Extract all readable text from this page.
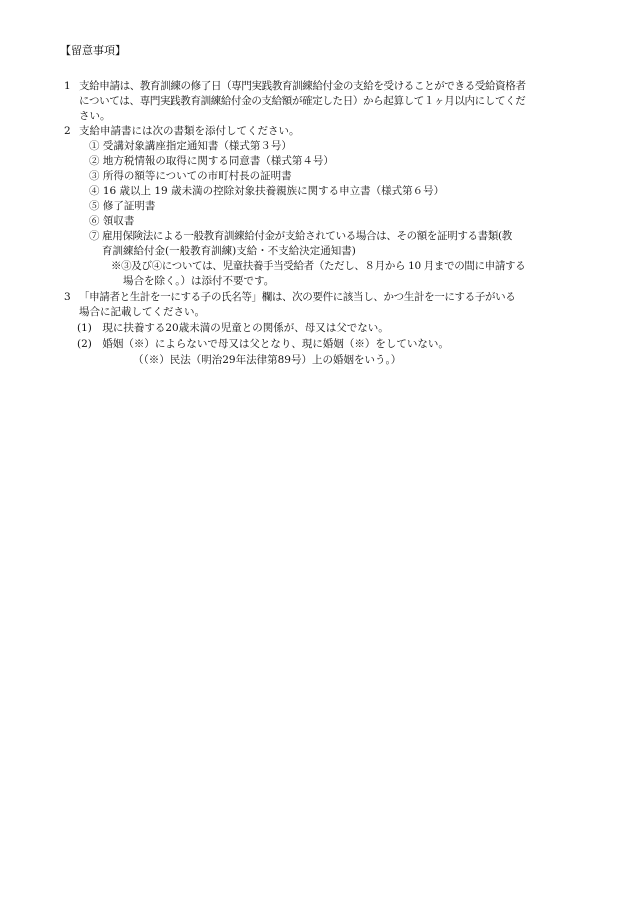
【留意事項】
1 支給申請は、教育訓練の修了日（専門実践教育訓練給付金の支給を受けることができる受給資格者
については、専門実践教育訓練給付金の支給額が確定した日）から起算して１ヶ月以内にしてくだ
さい。
2 支給申請書には次の書類を添付してください。
① 受講対象講座指定通知書（様式第３号）
② 地方税情報の取得に関する同意書（様式第４号）
③ 所得の額等についての市町村長の証明書
④ 16 歳以上 19 歳未満の控除対象扶養親族に関する申立書（様式第６号）
⑤ 修了証明書
⑥ 領収書
⑦ 雇用保険法による一般教育訓練給付金が支給されている場合は、その額を証明する書類(教
育訓練給付金(一般教育訓練)支給・不支給決定通知書)
※③及び④については、児童扶養手当受給者（ただし、８月から 10 月までの間に申請する
場合を除く。）は添付不要です。
3 「申請者と生計を一にする子の氏名等」欄は、次の要件に該当し、かつ生計を一にする子がいる
場合に記載してください。
(1)　現に扶養する20歳未満の児童との関係が、母又は父でない。
(2)　婚姻（※）によらないで母又は父となり、現に婚姻（※）をしていない。
（（※）民法（明治29年法律第89号）上の婚姻をいう。）
